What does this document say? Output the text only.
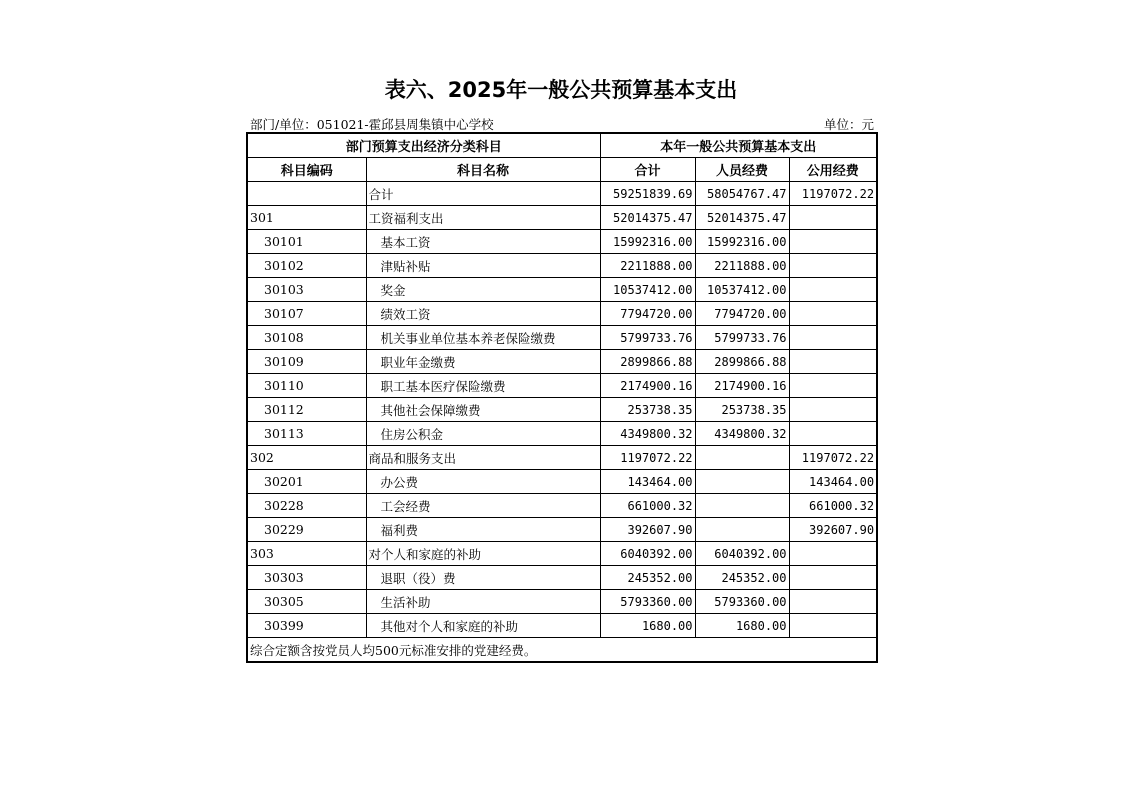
表六、2025年一般公共预算基本支出
部门/单位：051021-霍邱县周集镇中心学校	单位：元
部门预算支出经济分类科目		本年一般公共预算基本支出		
科目编码	科目名称	合计	人员经费	公用经费
	合计	59251839.69	58054767.47	1197072.22
301	工资福利支出	52014375.47	52014375.47	
30101	基本工资	15992316.00	15992316.00	
30102	津贴补贴	2211888.00	2211888.00	
30103	奖金	10537412.00	10537412.00	
30107	绩效工资	7794720.00	7794720.00	
30108	机关事业单位基本养老保险缴费	5799733.76	5799733.76	
30109	职业年金缴费	2899866.88	2899866.88	
30110	职工基本医疗保险缴费	2174900.16	2174900.16	
30112	其他社会保障缴费	253738.35	253738.35	
30113	住房公积金	4349800.32	4349800.32	
302	商品和服务支出	1197072.22		1197072.22
30201	办公费	143464.00		143464.00
30228	工会经费	661000.32		661000.32
30229	福利费	392607.90		392607.90
303	对个人和家庭的补助	6040392.00	6040392.00	
30303	退职（役）费	245352.00	245352.00	
30305	生活补助	5793360.00	5793360.00	
30399	其他对个人和家庭的补助	1680.00	1680.00	
综合定额含按党员人均500元标准安排的党建经费。				
